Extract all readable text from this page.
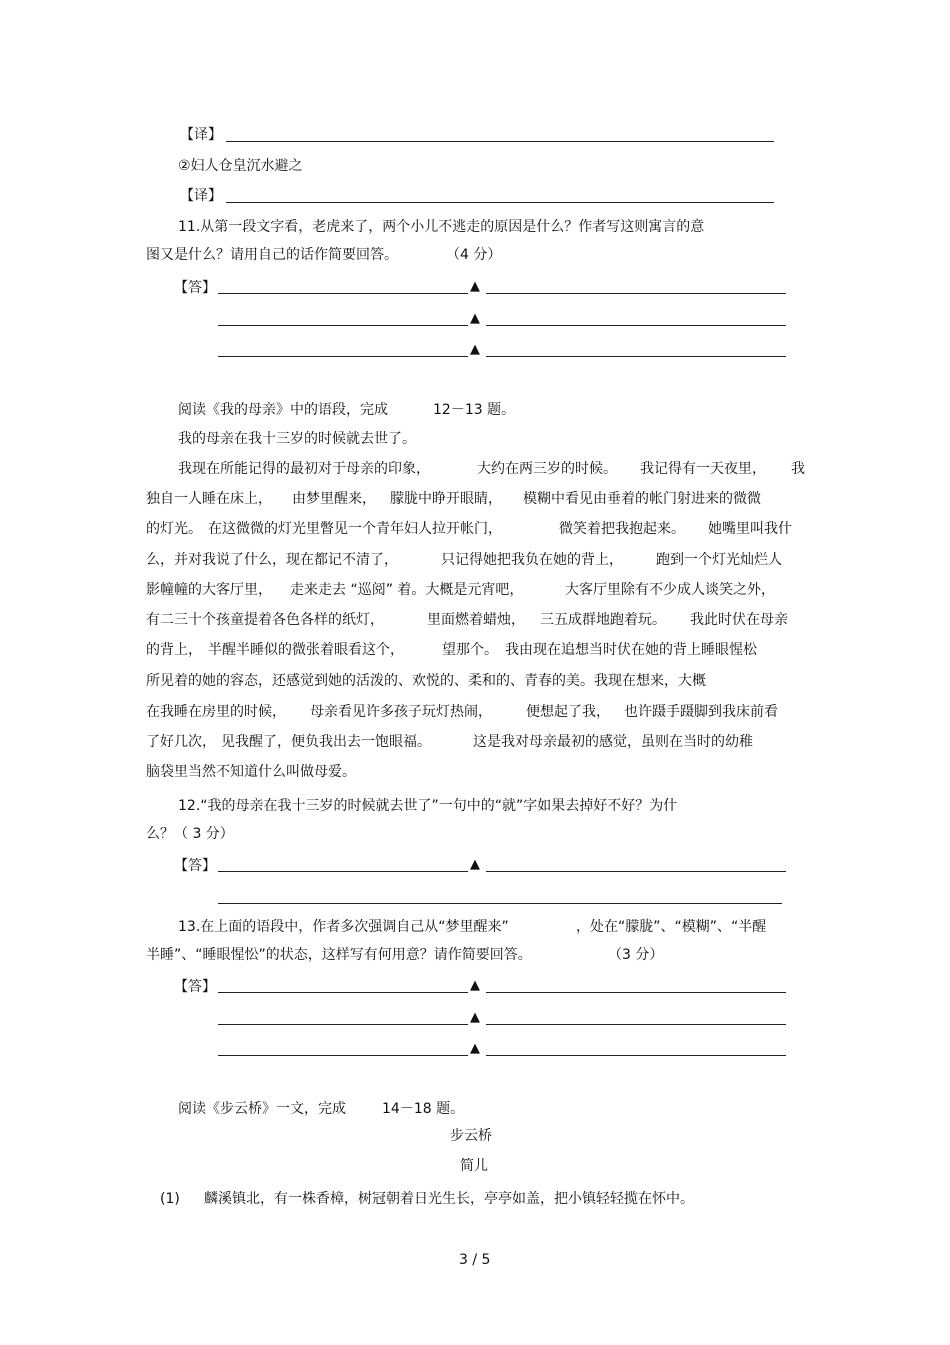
【译】
②妇人仓皇沉水避之
【译】
11.从第一段文字看，老虎来了，两个小儿不逃走的原因是什么？作者写这则寓言的意
图又是什么？请用自己的话作简要回答。	（4 分）
【答】	▲
▲
▲
阅读《我的母亲》中的语段，完成	12－13 题。
我的母亲在我十三岁的时候就去世了。
我现在所能记得的最初对于母亲的印象，	大约在两三岁的时候。 我记得有一天夜里， 我
独自一人睡在床上， 由梦里醒来， 朦胧中睁开眼睛， 模糊中看见由垂着的帐门射进来的微微
的灯光。 在这微微的灯光里瞥见一个青年妇人拉开帐门，	微笑着把我抱起来。 她嘴里叫我什
么，并对我说了什么，现在都记不清了，	只记得她把我负在她的背上， 跑到一个灯光灿烂人
影幢幢的大客厅里， 走来走去 “巡阅” 着。大概是元宵吧，	大客厅里除有不少成人谈笑之外，
有二三十个孩童提着各色各样的纸灯，	里面燃着蜡烛， 三五成群地跑着玩。 我此时伏在母亲
的背上， 半醒半睡似的微张着眼看这个，	望那个。 我由现在追想当时伏在她的背上睡眼惺松
所见着的她的容态，还感觉到她的活泼的、欢悦的、柔和的、青春的美。我现在想来，大概
在我睡在房里的时候， 母亲看见许多孩子玩灯热闹， 便想起了我， 也许蹑手蹑脚到我床前看
了好几次， 见我醒了，便负我出去一饱眼福。	这是我对母亲最初的感觉，虽则在当时的幼稚
脑袋里当然不知道什么叫做母爱。
12.“我的母亲在我十三岁的时候就去世了”一句中的“就”字如果去掉好不好？为什
么？（ 3 分）
【答】	▲
13.在上面的语段中，作者多次强调自己从“梦里醒来”	，处在“朦胧”、“模糊”、“半醒
半睡”、“睡眼惺忪”的状态，这样写有何用意？请作简要回答。	（3 分）
【答】	▲
▲
▲
阅读《步云桥》一文，完成	14－18 题。
步云桥
简儿
(1) 麟溪镇北，有一株香樟，树冠朝着日光生长，亭亭如盖，把小镇轻轻揽在怀中。
3 / 5
